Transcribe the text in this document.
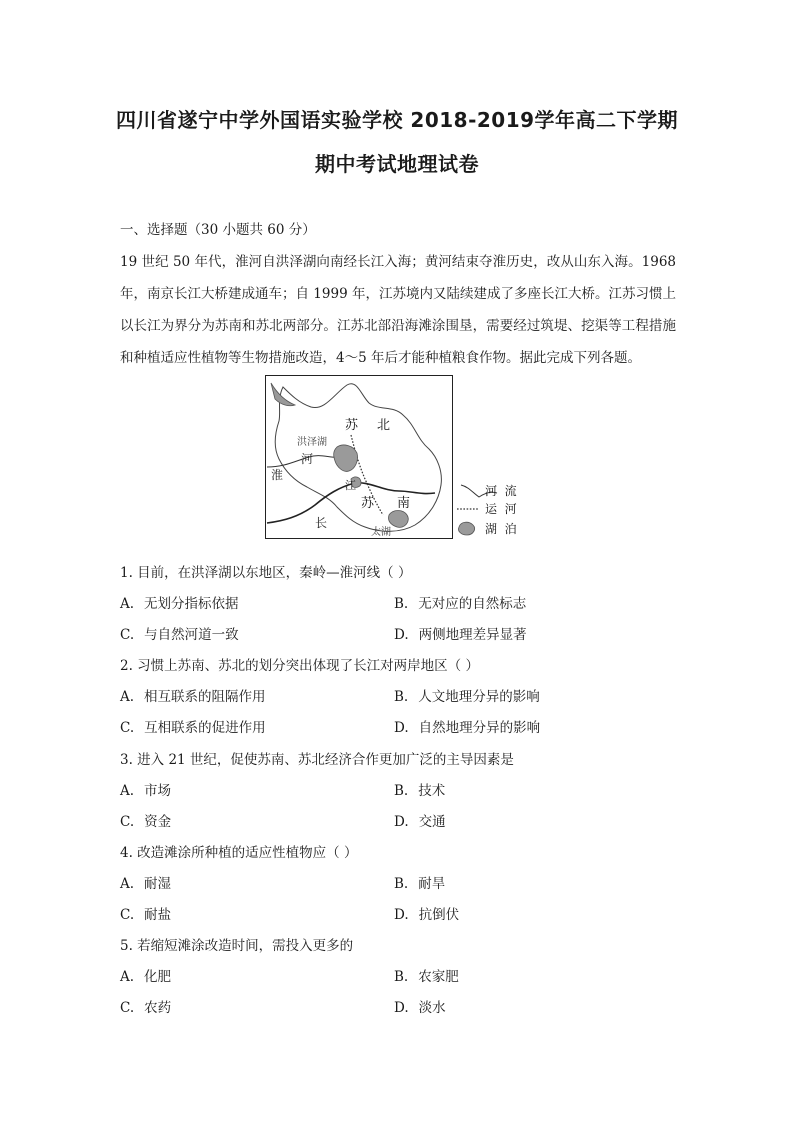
四川省遂宁中学外国语实验学校 2018-2019学年高二下学期
期中考试地理试卷
一、选择题（30 小题共 60 分）
19 世纪 50 年代，淮河自洪泽湖向南经长江入海；黄河结束夺淮历史，改从山东入海。1968 年，南京长江大桥建成通车；自 1999 年，江苏境内又陆续建成了多座长江大桥。江苏习惯上以长江为界分为苏南和苏北两部分。江苏北部沿海滩涂围垦，需要经过筑堤、挖渠等工程措施和种植适应性植物等生物措施改造，4～5 年后才能种植粮食作物。据此完成下列各题。
苏 北
洪泽湖
淮
河
江
苏 南
长
太湖
河  流
运  河
湖  泊
1. 目前，在洪泽湖以东地区，秦岭—淮河线（ ）
A. 无划分指标依据	B. 无对应的自然标志
C. 与自然河道一致	D. 两侧地理差异显著
2. 习惯上苏南、苏北的划分突出体现了长江对两岸地区（ ）
A. 相互联系的阻隔作用	B. 人文地理分异的影响
C. 互相联系的促进作用	D. 自然地理分异的影响
3. 进入 21 世纪，促使苏南、苏北经济合作更加广泛的主导因素是
A. 市场	B. 技术
C. 资金	D. 交通
4. 改造滩涂所种植的适应性植物应（ ）
A. 耐湿	B. 耐旱
C. 耐盐	D. 抗倒伏
5. 若缩短滩涂改造时间，需投入更多的
A. 化肥	B. 农家肥
C. 农药	D. 淡水
